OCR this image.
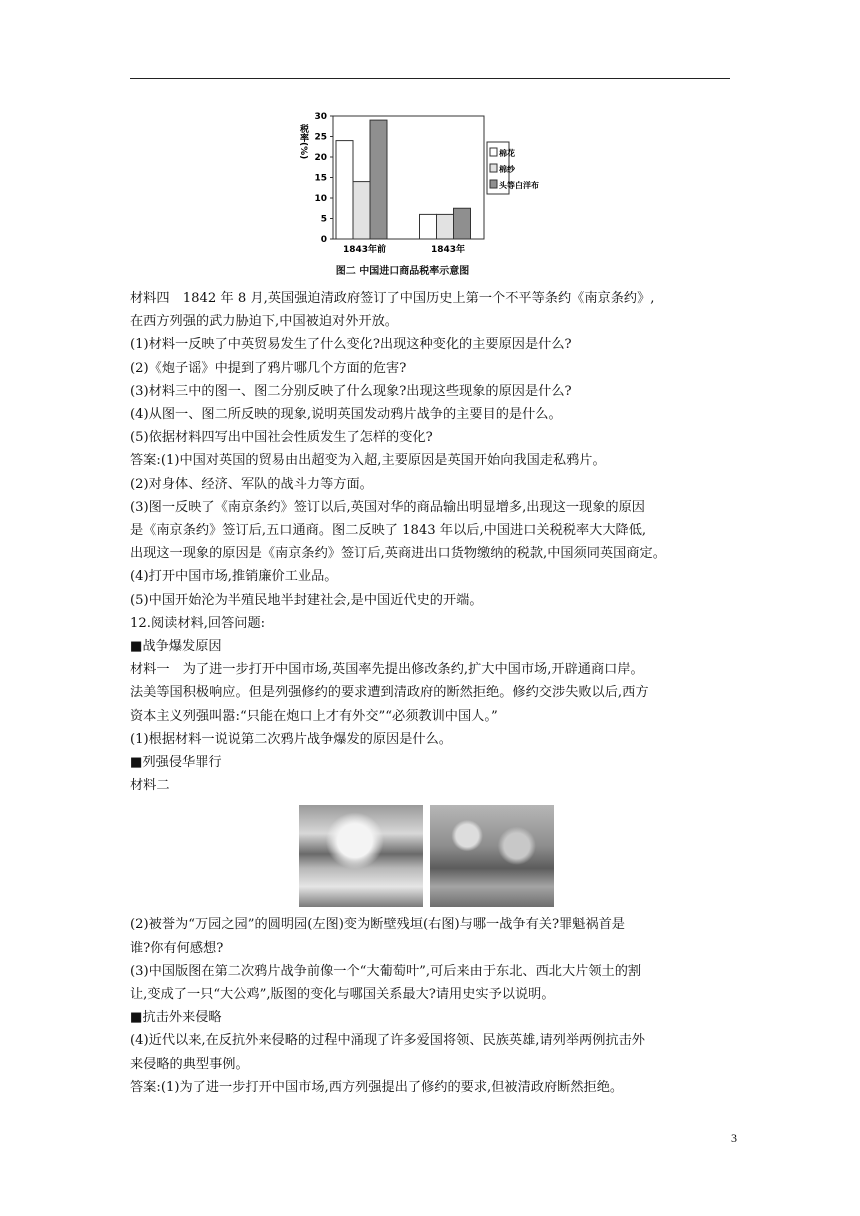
税率(%)
0
5
10
15
20
25
30
1843年前	1843年
棉花
棉纱
头等白洋布
图二 中国进口商品税率示意图

材料四　1842 年 8 月,英国强迫清政府签订了中国历史上第一个不平等条约《南京条约》,

在西方列强的武力胁迫下,中国被迫对外开放。

(1)材料一反映了中英贸易发生了什么变化?出现这种变化的主要原因是什么?

(2)《炮子谣》中提到了鸦片哪几个方面的危害?

(3)材料三中的图一、图二分别反映了什么现象?出现这些现象的原因是什么?

(4)从图一、图二所反映的现象,说明英国发动鸦片战争的主要目的是什么。

(5)依据材料四写出中国社会性质发生了怎样的变化?

答案:(1)中国对英国的贸易由出超变为入超,主要原因是英国开始向我国走私鸦片。

(2)对身体、经济、军队的战斗力等方面。

(3)图一反映了《南京条约》签订以后,英国对华的商品输出明显增多,出现这一现象的原因

是《南京条约》签订后,五口通商。图二反映了 1843 年以后,中国进口关税税率大大降低,

出现这一现象的原因是《南京条约》签订后,英商进出口货物缴纳的税款,中国须同英国商定。

(4)打开中国市场,推销廉价工业品。

(5)中国开始沦为半殖民地半封建社会,是中国近代史的开端。

12.阅读材料,回答问题:

■战争爆发原因

材料一　为了进一步打开中国市场,英国率先提出修改条约,扩大中国市场,开辟通商口岸。

法美等国积极响应。但是列强修约的要求遭到清政府的断然拒绝。修约交涉失败以后,西方

资本主义列强叫嚣:“只能在炮口上才有外交”“必须教训中国人。”

(1)根据材料一说说第二次鸦片战争爆发的原因是什么。

■列强侵华罪行

材料二

(2)被誉为“万园之园”的圆明园(左图)变为断壁残垣(右图)与哪一战争有关?罪魁祸首是

谁?你有何感想?

(3)中国版图在第二次鸦片战争前像一个“大葡萄叶”,可后来由于东北、西北大片领土的割

让,变成了一只“大公鸡”,版图的变化与哪国关系最大?请用史实予以说明。

■抗击外来侵略

(4)近代以来,在反抗外来侵略的过程中涌现了许多爱国将领、民族英雄,请列举两例抗击外

来侵略的典型事例。

答案:(1)为了进一步打开中国市场,西方列强提出了修约的要求,但被清政府断然拒绝。

3
